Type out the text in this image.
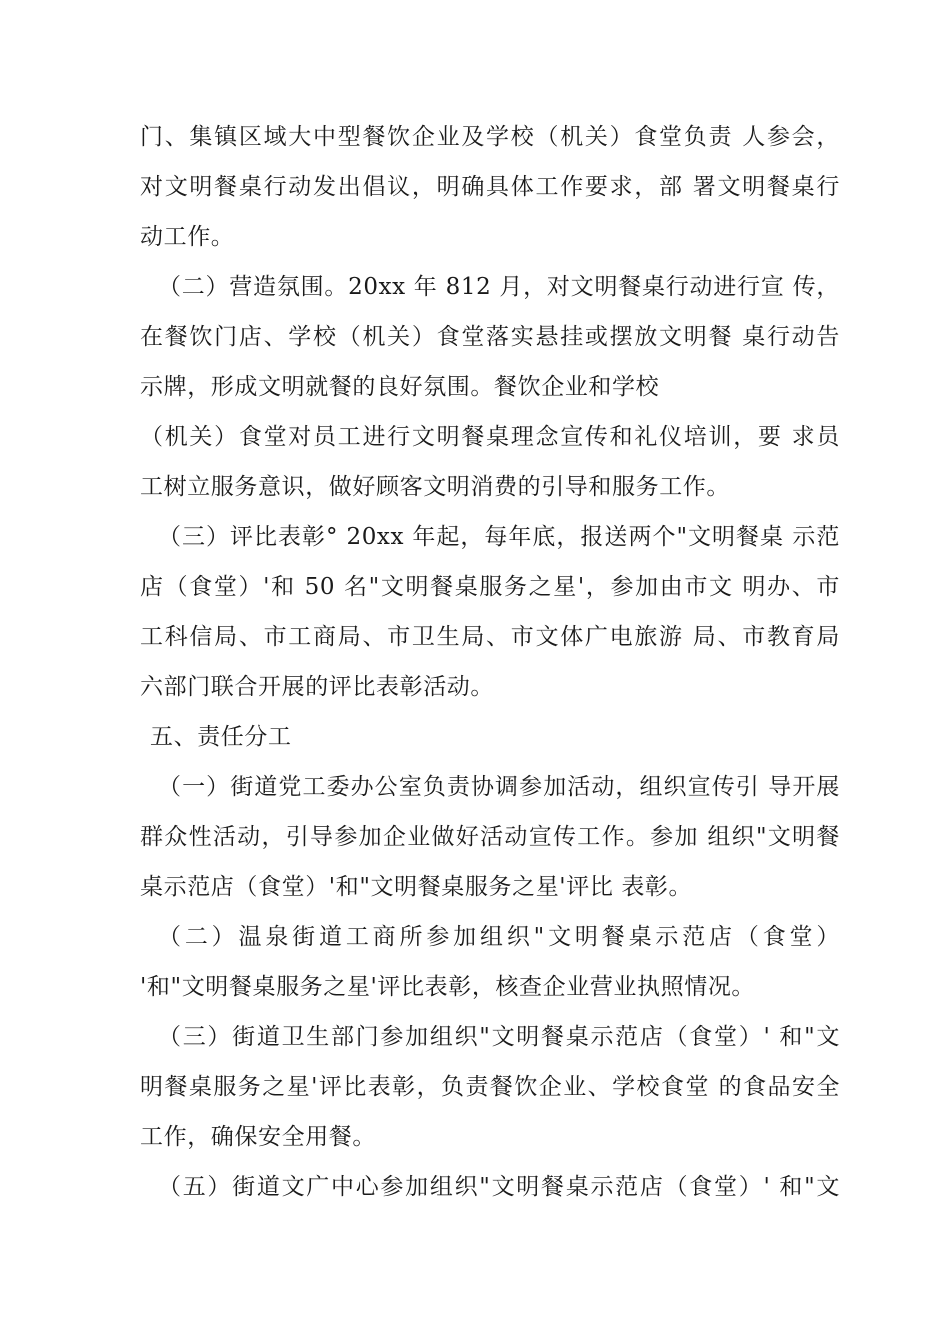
门、集镇区域大中型餐饮企业及学校（机关）食堂负责 人参会，
对文明餐桌行动发出倡议，明确具体工作要求，部 署文明餐桌行
动工作。
（二）营造氛围。20xx 年 812 月，对文明餐桌行动进行宣 传，
在餐饮门店、学校（机关）食堂落实悬挂或摆放文明餐 桌行动告
示牌，形成文明就餐的良好氛围。餐饮企业和学校
（机关）食堂对员工进行文明餐桌理念宣传和礼仪培训，要 求员
工树立服务意识，做好顾客文明消费的引导和服务工作。
（三）评比表彰° 20xx 年起，每年底，报送两个"文明餐桌 示范
店（食堂）'和 50 名"文明餐桌服务之星'，参加由市文 明办、市
工科信局、市工商局、市卫生局、市文体广电旅游 局、市教育局
六部门联合开展的评比表彰活动。
五、责任分工
（一）街道党工委办公室负责协调参加活动，组织宣传引 导开展
群众性活动，引导参加企业做好活动宣传工作。参加 组织"文明餐
桌示范店（食堂）'和"文明餐桌服务之星'评比 表彰。
（二）温泉街道工商所参加组织"文明餐桌示范店（食堂）
'和"文明餐桌服务之星'评比表彰，核查企业营业执照情况。
（三）街道卫生部门参加组织"文明餐桌示范店（食堂）' 和"文
明餐桌服务之星'评比表彰，负责餐饮企业、学校食堂 的食品安全
工作，确保安全用餐。
（五）街道文广中心参加组织"文明餐桌示范店（食堂）' 和"文
